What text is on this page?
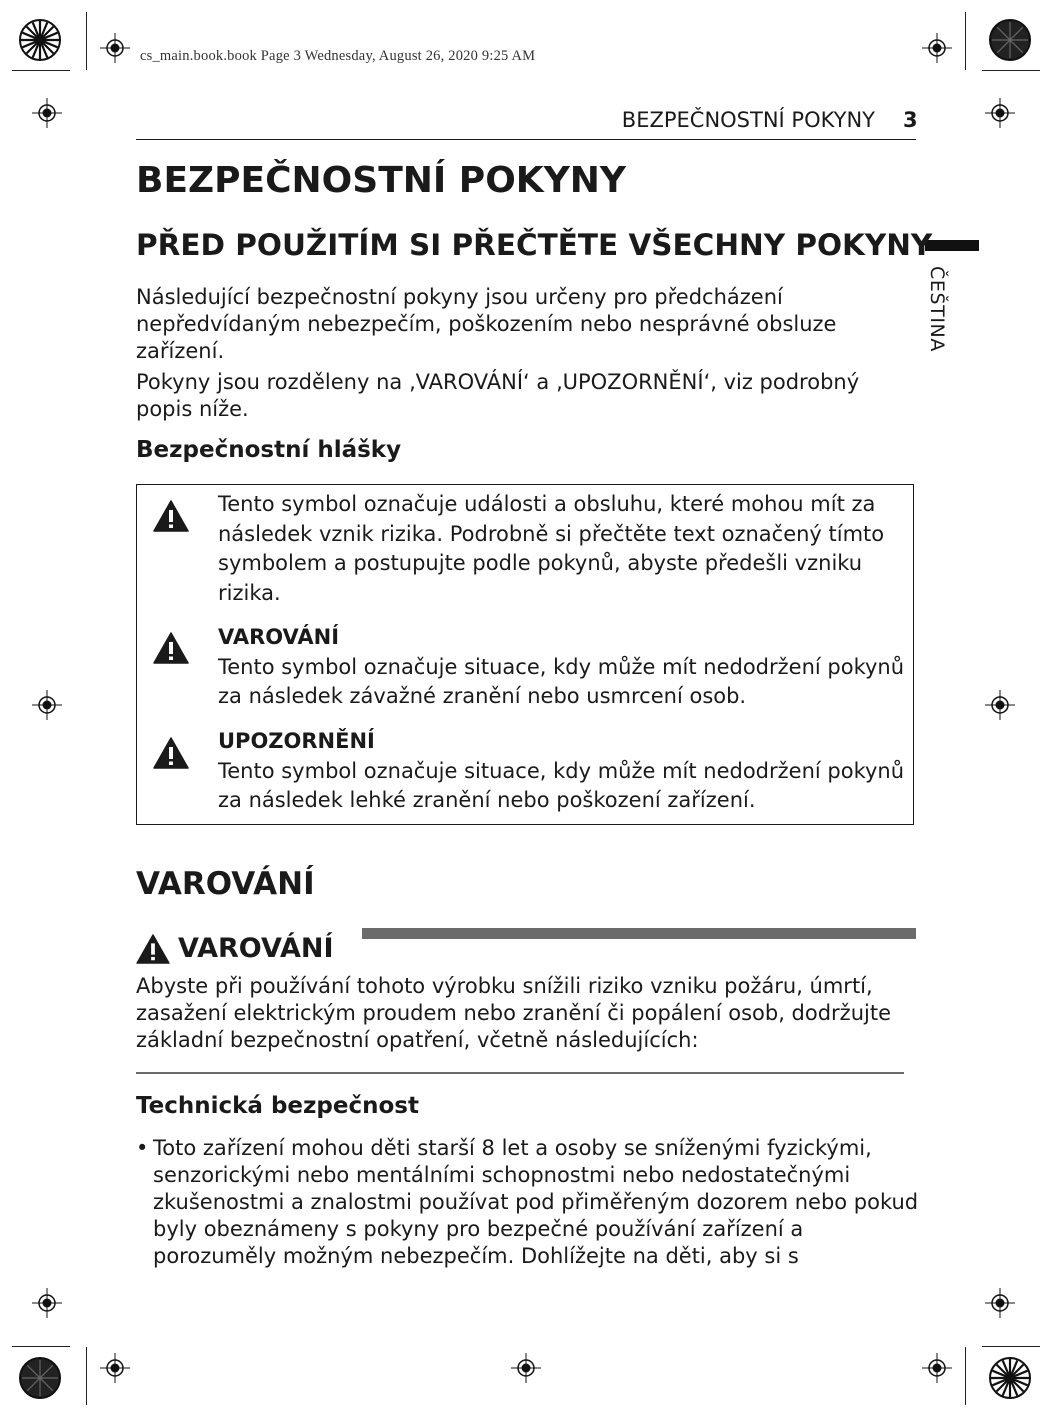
cs_main.book.book Page 3 Wednesday, August 26, 2020 9:25 AM
BEZPEČNOSTNÍ POKYNY 3
ČEŠTINA
BEZPEČNOSTNÍ POKYNY
PŘED POUŽITÍM SI PŘEČTĚTE VŠECHNY POKYNY

Následující bezpečnostní pokyny jsou určeny pro předcházení nepředvídaným nebezpečím, poškozením nebo nesprávné obsluze zařízení.

Pokyny jsou rozděleny na ‚VAROVÁNÍ‘ a ‚UPOZORNĚNÍ‘, viz podrobný popis níže.

Bezpečnostní hlášky
Tento symbol označuje události a obsluhu, které mohou mít za následek vznik rizika. Podrobně si přečtěte text označený tímto symbolem a postupujte podle pokynů, abyste předešli vzniku rizika.
VAROVÁNÍ
Tento symbol označuje situace, kdy může mít nedodržení pokynů za následek závažné zranění nebo usmrcení osob.
UPOZORNĚNÍ
Tento symbol označuje situace, kdy může mít nedodržení pokynů za následek lehké zranění nebo poškození zařízení.
VAROVÁNÍ
VAROVÁNÍ

Abyste při používání tohoto výrobku snížili riziko vzniku požáru, úmrtí, zasažení elektrickým proudem nebo zranění či popálení osob, dodržujte základní bezpečnostní opatření, včetně následujících:

Technická bezpečnost
• Toto zařízení mohou děti starší 8 let a osoby se sníženými fyzickými, senzorickými nebo mentálními schopnostmi nebo nedostatečnými zkušenostmi a znalostmi používat pod přiměřeným dozorem nebo pokud byly obeznámeny s pokyny pro bezpečné používání zařízení a porozuměly možným nebezpečím. Dohlížejte na děti, aby si s
